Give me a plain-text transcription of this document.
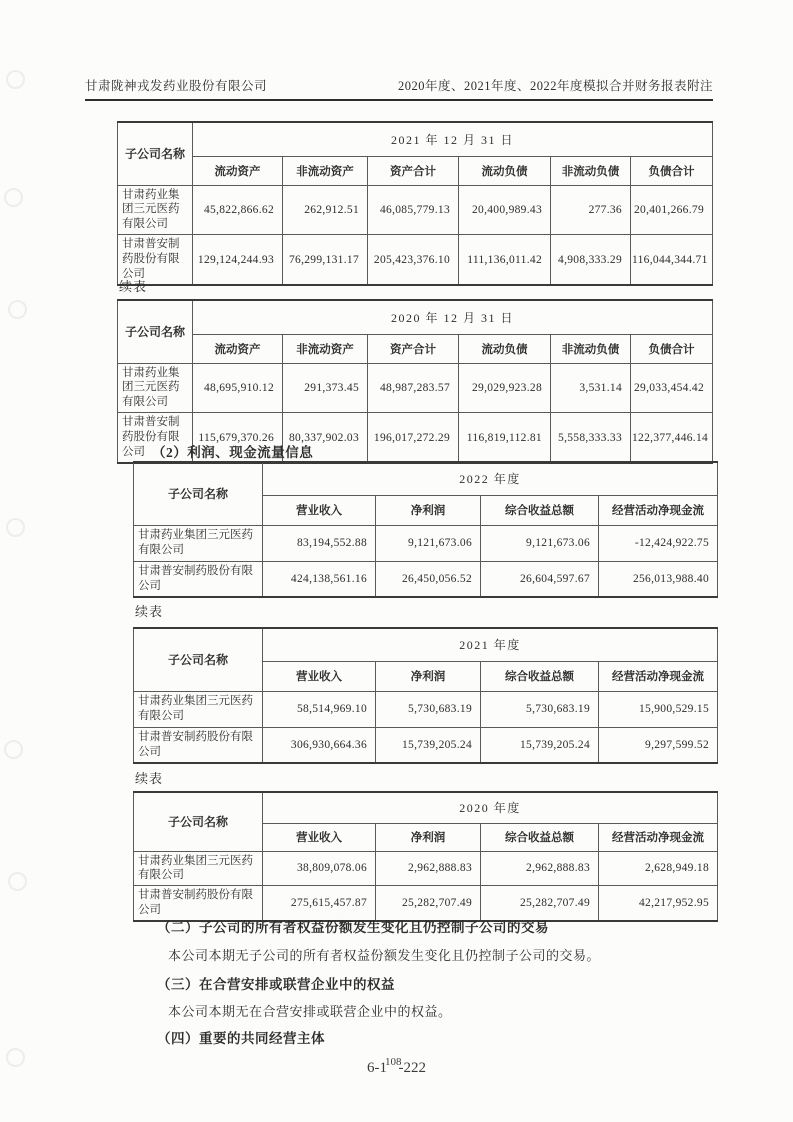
甘肃陇神戎发药业股份有限公司	2020年度、2021年度、2022年度模拟合并财务报表附注
子公司名称	2021 年 12 月 31 日					
	流动资产	非流动资产	资产合计	流动负债	非流动负债	负债合计
甘肃药业集团三元医药有限公司	45,822,866.62	262,912.51	46,085,779.13	20,400,989.43	277.36	20,401,266.79
甘肃普安制药股份有限公司	129,124,244.93	76,299,131.17	205,423,376.10	111,136,011.42	4,908,333.29	116,044,344.71
续表
子公司名称	2020 年 12 月 31 日					
	流动资产	非流动资产	资产合计	流动负债	非流动负债	负债合计
甘肃药业集团三元医药有限公司	48,695,910.12	291,373.45	48,987,283.57	29,029,923.28	3,531.14	29,033,454.42
甘肃普安制药股份有限公司	115,679,370.26	80,337,902.03	196,017,272.29	116,819,112.81	5,558,333.33	122,377,446.14
（2）利润、现金流量信息
子公司名称	2022 年度			
	营业收入	净利润	综合收益总额	经营活动净现金流
甘肃药业集团三元医药有限公司	83,194,552.88	9,121,673.06	9,121,673.06	-12,424,922.75
甘肃普安制药股份有限公司	424,138,561.16	26,450,056.52	26,604,597.67	256,013,988.40
续表
子公司名称	2021 年度			
	营业收入	净利润	综合收益总额	经营活动净现金流
甘肃药业集团三元医药有限公司	58,514,969.10	5,730,683.19	5,730,683.19	15,900,529.15
甘肃普安制药股份有限公司	306,930,664.36	15,739,205.24	15,739,205.24	9,297,599.52
续表
子公司名称	2020 年度			
	营业收入	净利润	综合收益总额	经营活动净现金流
甘肃药业集团三元医药有限公司	38,809,078.06	2,962,888.83	2,962,888.83	2,628,949.18
甘肃普安制药股份有限公司	275,615,457.87	25,282,707.49	25,282,707.49	42,217,952.95
（二）子公司的所有者权益份额发生变化且仍控制子公司的交易
本公司本期无子公司的所有者权益份额发生变化且仍控制子公司的交易。
（三）在合营安排或联营企业中的权益
本公司本期无在合营安排或联营企业中的权益。
（四）重要的共同经营主体
$6-1^{108}-222$
